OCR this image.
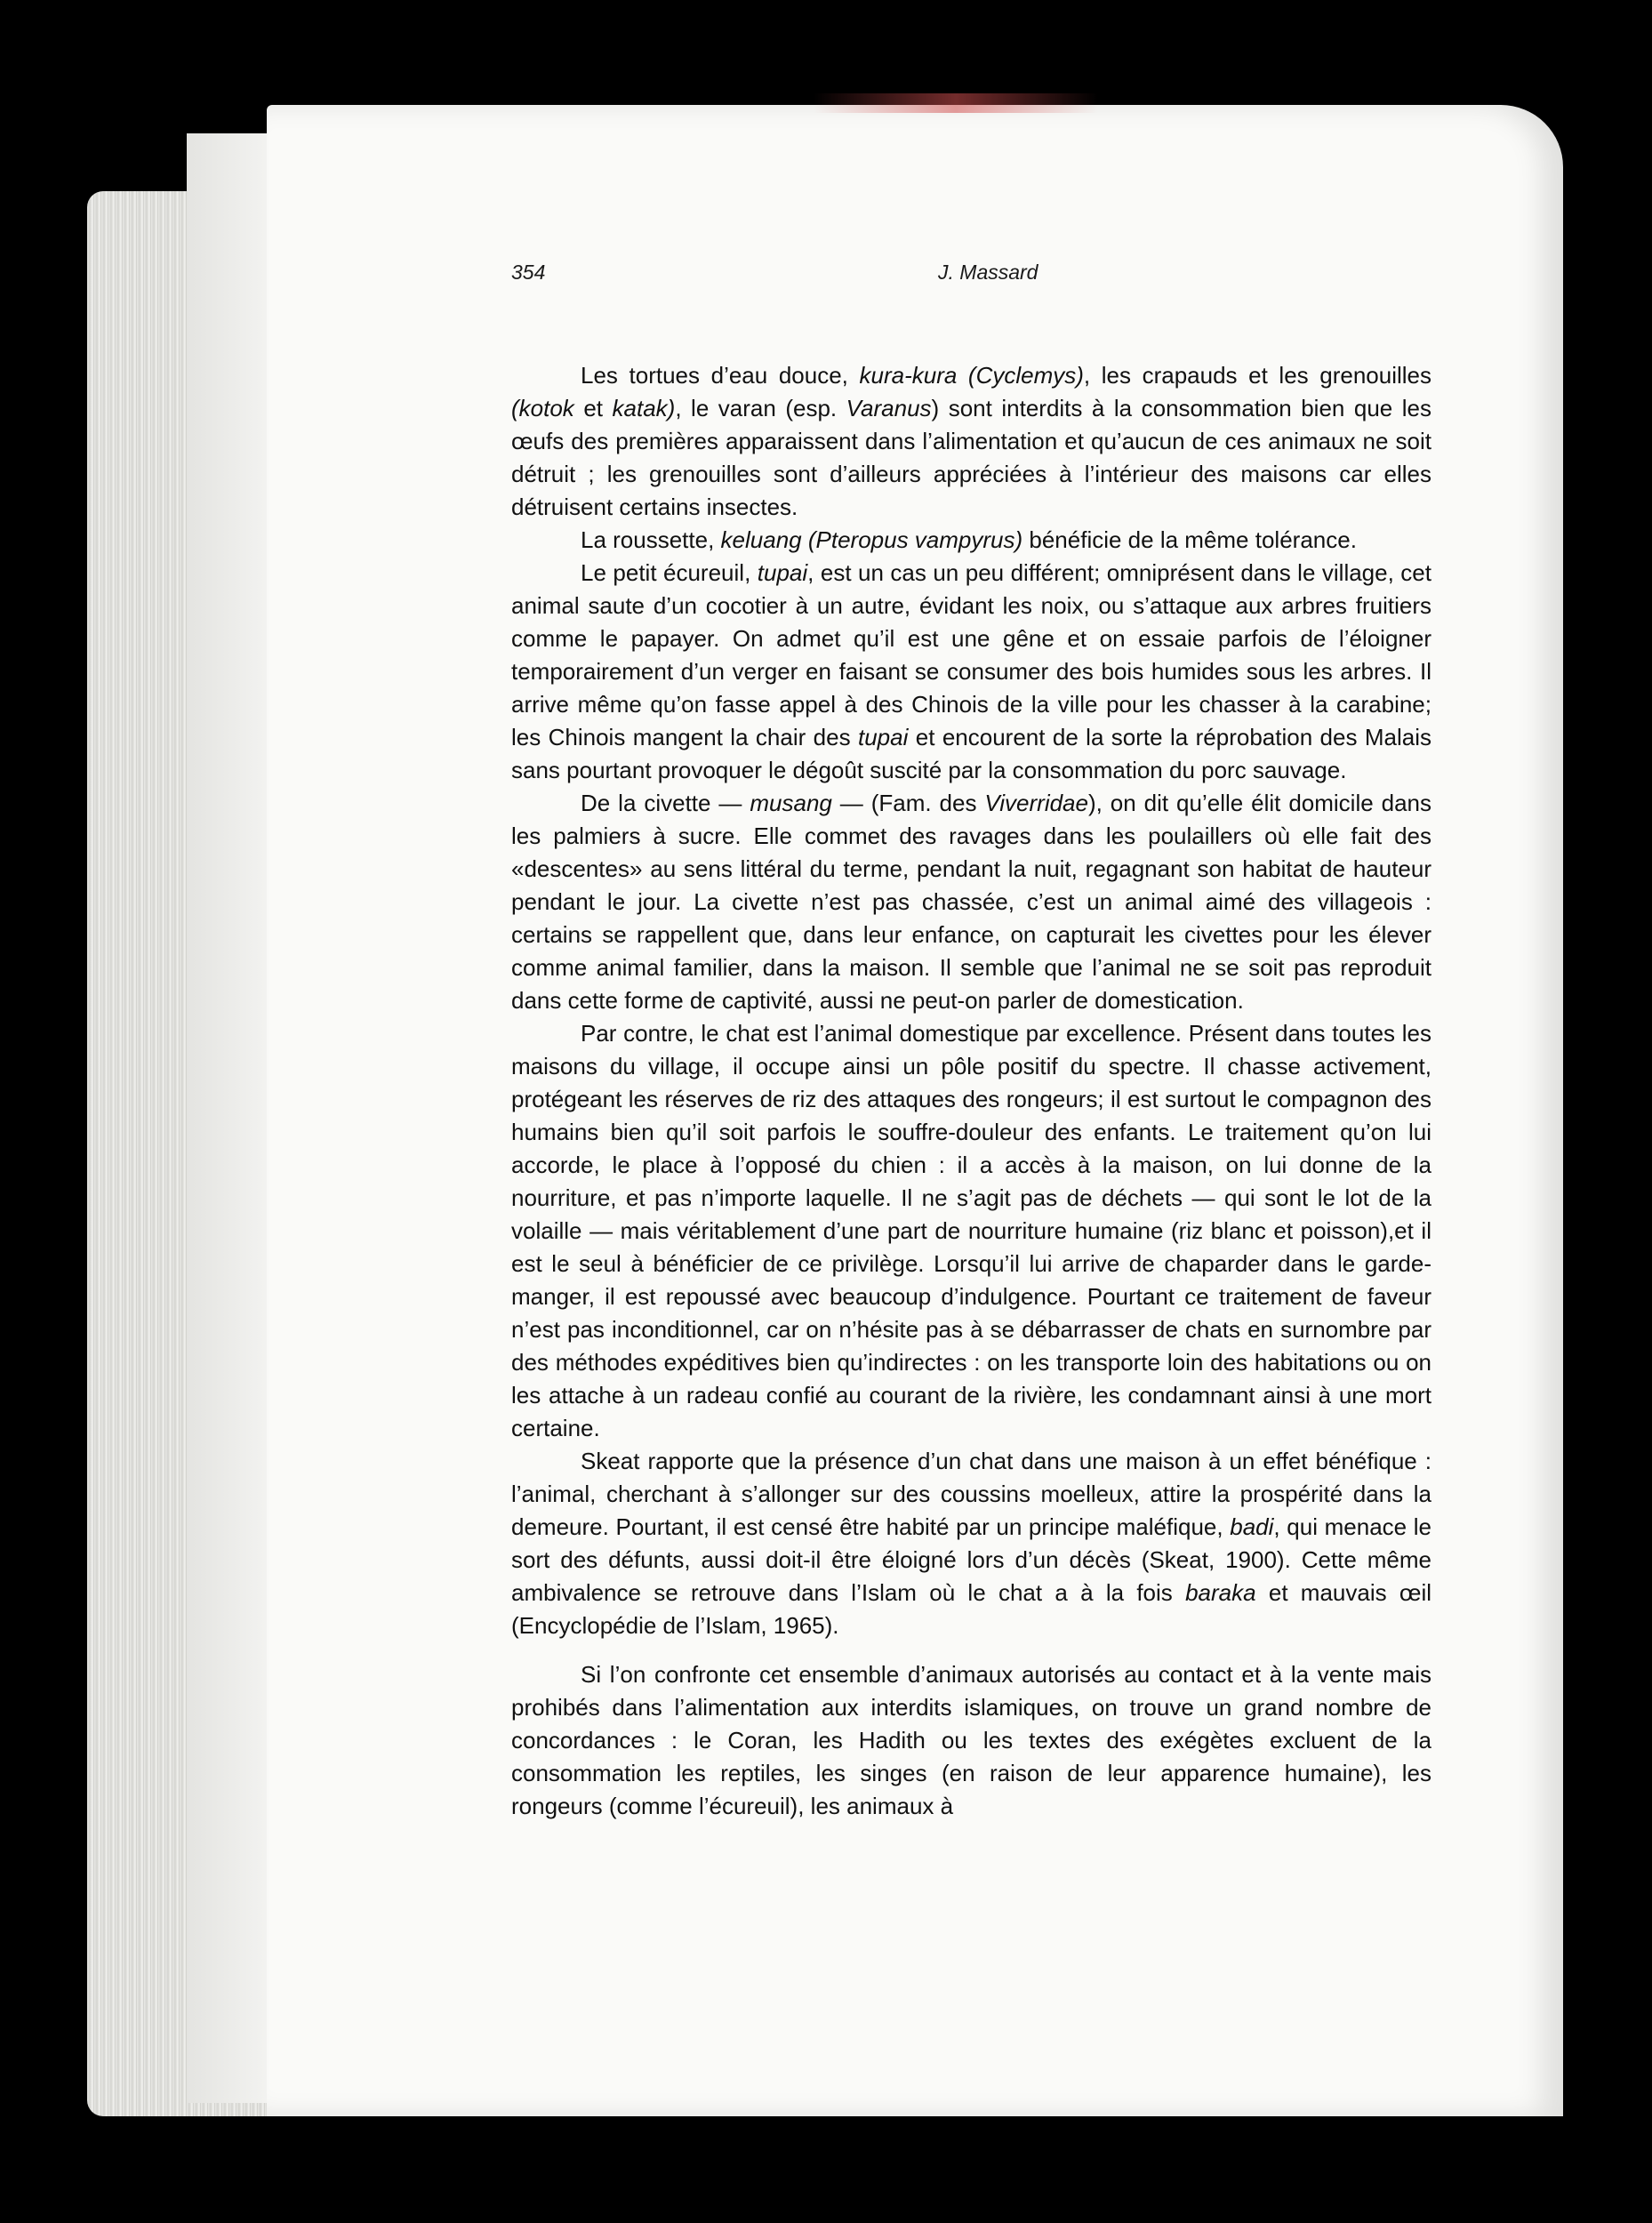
354	J. Massard

Les tortues d’eau douce, kura-kura (Cyclemys), les crapauds et les grenouilles (kotok et katak), le varan (esp. Varanus) sont interdits à la consommation bien que les œufs des premières apparaissent dans l’alimentation et qu’aucun de ces animaux ne soit détruit ; les grenouilles sont d’ailleurs appréciées à l’intérieur des maisons car elles détruisent certains insectes.

La roussette, keluang (Pteropus vampyrus) bénéficie de la même tolérance.

Le petit écureuil, tupai, est un cas un peu différent; omniprésent dans le village, cet animal saute d’un cocotier à un autre, évidant les noix, ou s’attaque aux arbres fruitiers comme le papayer. On admet qu’il est une gêne et on essaie parfois de l’éloigner temporairement d’un verger en faisant se consumer des bois humides sous les arbres. Il arrive même qu’on fasse appel à des Chinois de la ville pour les chasser à la carabine; les Chinois mangent la chair des tupai et encourent de la sorte la réprobation des Malais sans pourtant provoquer le dégoût suscité par la consommation du porc sauvage.

De la civette — musang — (Fam. des Viverridae), on dit qu’elle élit domicile dans les palmiers à sucre. Elle commet des ravages dans les poulaillers où elle fait des «descentes» au sens littéral du terme, pendant la nuit, regagnant son habitat de hauteur pendant le jour. La civette n’est pas chassée, c’est un animal aimé des villageois : certains se rappellent que, dans leur enfance, on capturait les civettes pour les élever comme animal familier, dans la maison. Il semble que l’animal ne se soit pas reproduit dans cette forme de captivité, aussi ne peut-on parler de domestication.

Par contre, le chat est l’animal domestique par excellence. Présent dans toutes les maisons du village, il occupe ainsi un pôle positif du spectre. Il chasse activement, protégeant les réserves de riz des attaques des rongeurs; il est surtout le compagnon des humains bien qu’il soit parfois le souffre-douleur des enfants. Le traitement qu’on lui accorde, le place à l’opposé du chien : il a accès à la maison, on lui donne de la nourriture, et pas n’importe laquelle. Il ne s’agit pas de déchets — qui sont le lot de la volaille — mais véritablement d’une part de nourriture humaine (riz blanc et poisson),et il est le seul à bénéficier de ce privilège. Lorsqu’il lui arrive de chaparder dans le garde-manger, il est repoussé avec beaucoup d’indulgence. Pourtant ce traitement de faveur n’est pas inconditionnel, car on n’hésite pas à se débarrasser de chats en surnombre par des méthodes expéditives bien qu’indirectes : on les transporte loin des habitations ou on les attache à un radeau confié au courant de la rivière, les condamnant ainsi à une mort certaine.

Skeat rapporte que la présence d’un chat dans une maison à un effet bénéfique : l’animal, cherchant à s’allonger sur des coussins moelleux, attire la prospérité dans la demeure. Pourtant, il est censé être habité par un principe maléfique, badi, qui menace le sort des défunts, aussi doit-il être éloigné lors d’un décès (Skeat, 1900). Cette même ambivalence se retrouve dans l’Islam où le chat a à la fois baraka et mauvais œil (Encyclopédie de l’Islam, 1965).

Si l’on confronte cet ensemble d’animaux autorisés au contact et à la vente mais prohibés dans l’alimentation aux interdits islamiques, on trouve un grand nombre de concordances : le Coran, les Hadith ou les textes des exégètes excluent de la consommation les reptiles, les singes (en raison de leur apparence humaine), les rongeurs (comme l’écureuil), les animaux à
